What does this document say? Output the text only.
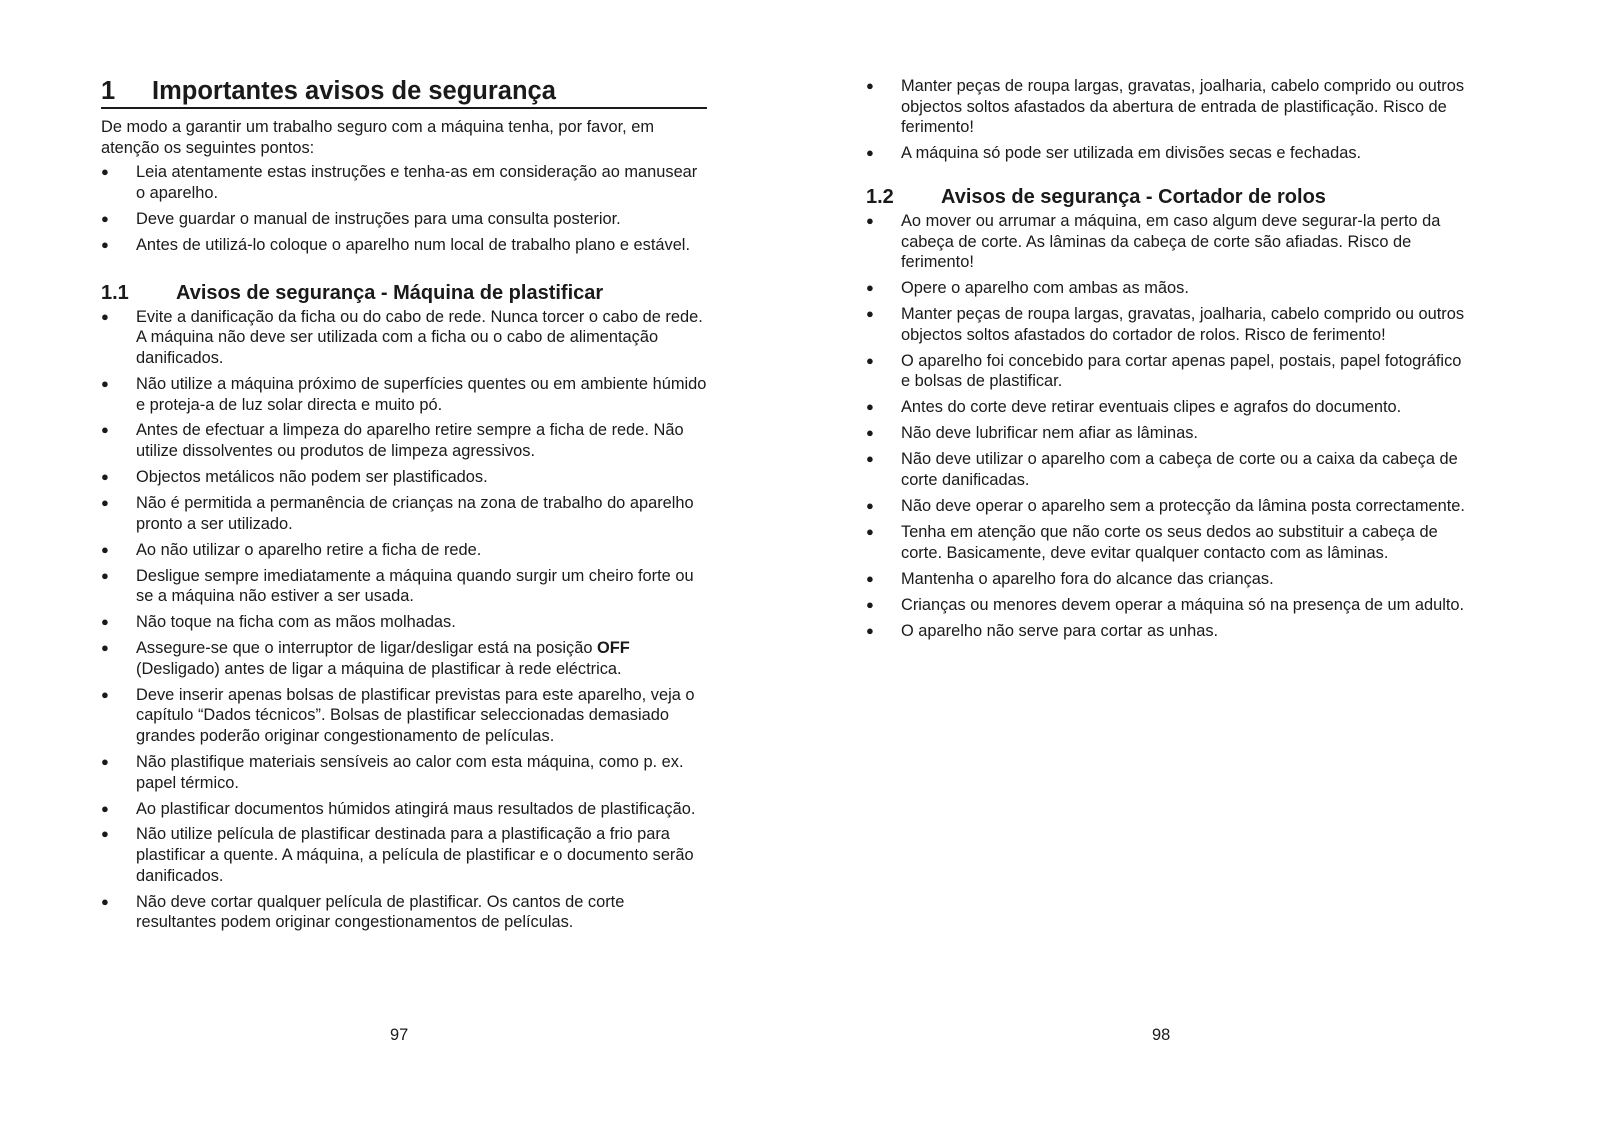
1	Importantes avisos de segurança
De modo a garantir um trabalho seguro com a máquina tenha, por favor, em atenção os seguintes pontos:
● Leia atentamente estas instruções e tenha-as em consideração ao manusear o aparelho.
● Deve guardar o manual de instruções para uma consulta posterior.
● Antes de utilizá-lo coloque o aparelho num local de trabalho plano e estável.
1.1	Avisos de segurança - Máquina de plastificar
● Evite a danificação da ficha ou do cabo de rede. Nunca torcer o cabo de rede. A máquina não deve ser utilizada com a ficha ou o cabo de alimentação danificados.
● Não utilize a máquina próximo de superfícies quentes ou em ambiente húmido e proteja-a de luz solar directa e muito pó.
● Antes de efectuar a limpeza do aparelho retire sempre a ficha de rede. Não utilize dissolventes ou produtos de limpeza agressivos.
● Objectos metálicos não podem ser plastificados.
● Não é permitida a permanência de crianças na zona de trabalho do aparelho pronto a ser utilizado.
● Ao não utilizar o aparelho retire a ficha de rede.
● Desligue sempre imediatamente a máquina quando surgir um cheiro forte ou se a máquina não estiver a ser usada.
● Não toque na ficha com as mãos molhadas.
● Assegure-se que o interruptor de ligar/desligar está na posição OFF (Desligado) antes de ligar a máquina de plastificar à rede eléctrica.
● Deve inserir apenas bolsas de plastificar previstas para este aparelho, veja o capítulo “Dados técnicos”. Bolsas de plastificar seleccionadas demasiado grandes poderão originar congestionamento de películas.
● Não plastifique materiais sensíveis ao calor com esta máquina, como p. ex. papel térmico.
● Ao plastificar documentos húmidos atingirá maus resultados de plastificação.
● Não utilize película de plastificar destinada para a plastificação a frio para plastificar a quente. A máquina, a película de plastificar e o documento serão danificados.
● Não deve cortar qualquer película de plastificar. Os cantos de corte resultantes podem originar congestionamentos de películas.
● Manter peças de roupa largas, gravatas, joalharia, cabelo comprido ou outros objectos soltos afastados da abertura de entrada de plastificação. Risco de ferimento!
● A máquina só pode ser utilizada em divisões secas e fechadas.
1.2	Avisos de segurança - Cortador de rolos
● Ao mover ou arrumar a máquina, em caso algum deve segurar-la perto da cabeça de corte. As lâminas da cabeça de corte são afiadas. Risco de ferimento!
● Opere o aparelho com ambas as mãos.
● Manter peças de roupa largas, gravatas, joalharia, cabelo comprido ou outros objectos soltos afastados do cortador de rolos. Risco de ferimento!
● O aparelho foi concebido para cortar apenas papel, postais, papel fotográfico e bolsas de plastificar.
● Antes do corte deve retirar eventuais clipes e agrafos do documento.
● Não deve lubrificar nem afiar as lâminas.
● Não deve utilizar o aparelho com a cabeça de corte ou a caixa da cabeça de corte danificadas.
● Não deve operar o aparelho sem a protecção da lâmina posta correctamente.
● Tenha em atenção que não corte os seus dedos ao substituir a cabeça de corte. Basicamente, deve evitar qualquer contacto com as lâminas.
● Mantenha o aparelho fora do alcance das crianças.
● Crianças ou menores devem operar a máquina só na presença de um adulto.
● O aparelho não serve para cortar as unhas.
97	98
